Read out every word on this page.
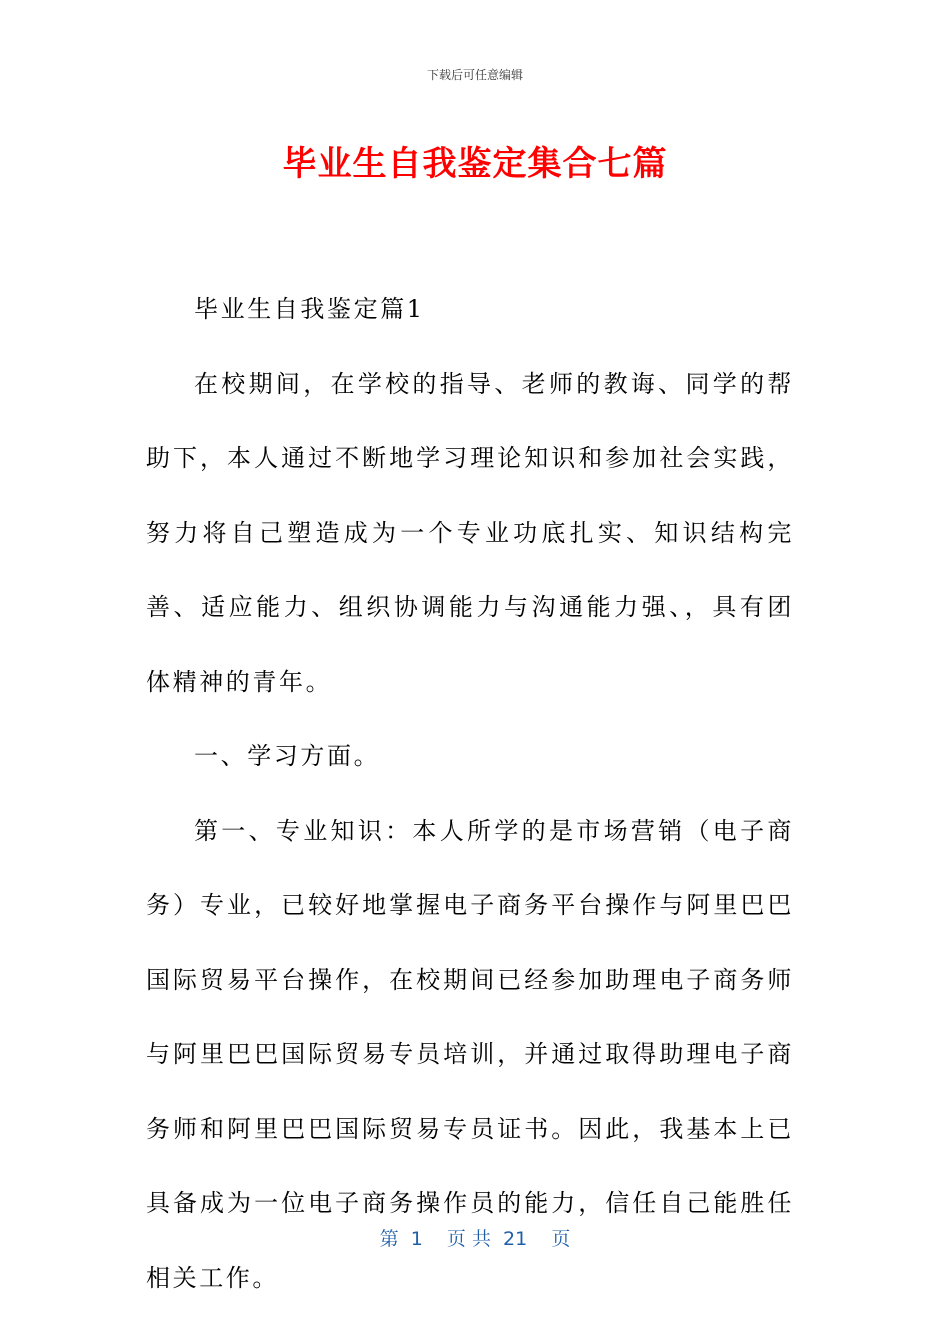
下载后可任意编辑
毕业生自我鉴定集合七篇

毕业生自我鉴定篇1

在校期间，在学校的指导、老师的教诲、同学的帮助下，本人通过不断地学习理论知识和参加社会实践，努力将自己塑造成为一个专业功底扎实、知识结构完善、适应能力、组织协调能力与沟通能力强、，具有团体精神的青年。

一、学习方面。

第一、专业知识：本人所学的是市场营销（电子商务）专业，已较好地掌握电子商务平台操作与阿里巴巴国际贸易平台操作，在校期间已经参加助理电子商务师与阿里巴巴国际贸易专员培训，并通过取得助理电子商务师和阿里巴巴国际贸易专员证书。因此，我基本上已具备成为一位电子商务操作员的能力，信任自己能胜任相关工作。

第  1    页 共  21    页
